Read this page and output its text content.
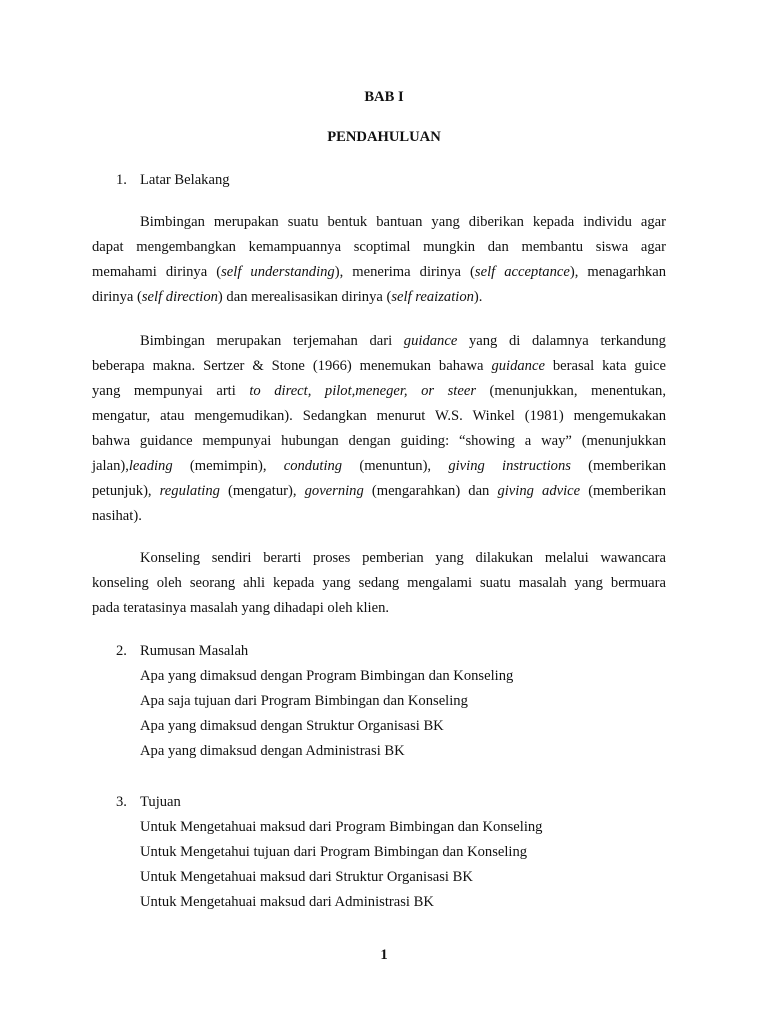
BAB I
PENDAHULUAN
1. Latar Belakang
Bimbingan merupakan suatu bentuk bantuan yang diberikan kepada individu agar
dapat mengembangkan kemampuannya scoptimal mungkin dan membantu siswa agar
memahami dirinya (self understanding), menerima dirinya (self acceptance), menagarhkan
dirinya (self direction) dan merealisasikan dirinya (self reaization).
Bimbingan merupakan terjemahan dari guidance yang di dalamnya terkandung
beberapa makna. Sertzer & Stone (1966) menemukan bahawa guidance berasal kata guice
yang mempunyai arti to direct, pilot,meneger, or steer (menunjukkan, menentukan,
mengatur, atau mengemudikan). Sedangkan menurut W.S. Winkel (1981) mengemukakan
bahwa guidance mempunyai hubungan dengan guiding: “showing a way” (menunjukkan
jalan),leading (memimpin), conduting (menuntun), giving instructions (memberikan
petunjuk), regulating (mengatur), governing (mengarahkan) dan giving advice (memberikan
nasihat).
Konseling sendiri berarti proses pemberian yang dilakukan melalui wawancara
konseling oleh seorang ahli kepada yang sedang mengalami suatu masalah yang bermuara
pada teratasinya masalah yang dihadapi oleh klien.
2. Rumusan Masalah
Apa yang dimaksud dengan Program Bimbingan dan Konseling
Apa saja tujuan dari Program Bimbingan dan Konseling
Apa yang dimaksud dengan Struktur Organisasi BK
Apa yang dimaksud dengan Administrasi BK
3. Tujuan
Untuk Mengetahuai maksud dari Program Bimbingan dan Konseling
Untuk Mengetahui tujuan dari Program Bimbingan dan Konseling
Untuk Mengetahuai maksud dari Struktur Organisasi BK
Untuk Mengetahuai maksud dari Administrasi BK
1
